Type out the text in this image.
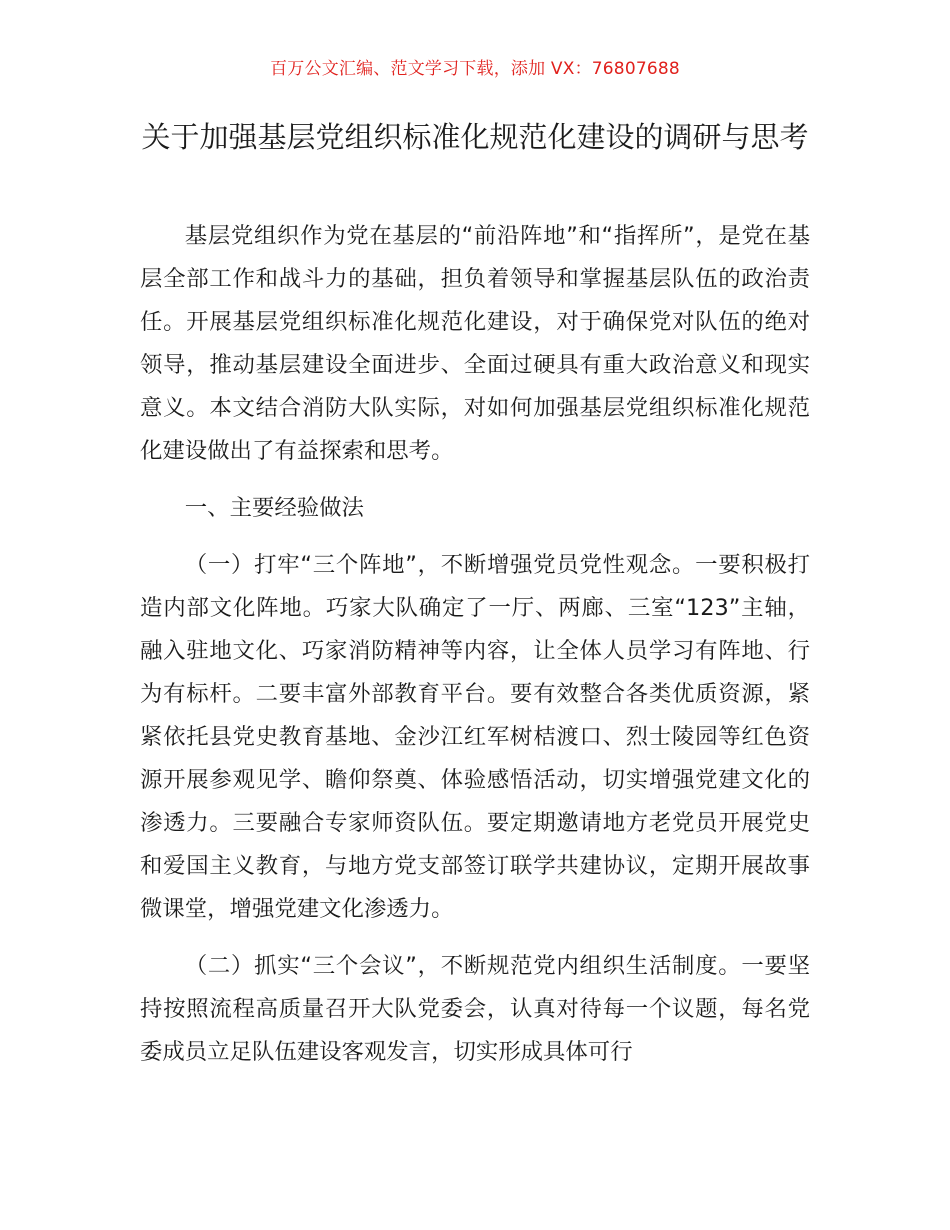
百万公文汇编、范文学习下载，添加 VX：76807688
关于加强基层党组织标准化规范化建设的调研与思考

基层党组织作为党在基层的“前沿阵地”和“指挥所”，是党在基层全部工作和战斗力的基础，担负着领导和掌握基层队伍的政治责任。开展基层党组织标准化规范化建设，对于确保党对队伍的绝对领导，推动基层建设全面进步、全面过硬具有重大政治意义和现实意义。本文结合消防大队实际，对如何加强基层党组织标准化规范化建设做出了有益探索和思考。

一、主要经验做法

（一）打牢“三个阵地”，不断增强党员党性观念。一要积极打造内部文化阵地。巧家大队确定了一厅、两廊、三室“123”主轴，融入驻地文化、巧家消防精神等内容，让全体人员学习有阵地、行为有标杆。二要丰富外部教育平台。要有效整合各类优质资源，紧紧依托县党史教育基地、金沙江红军树桔渡口、烈士陵园等红色资源开展参观见学、瞻仰祭奠、体验感悟活动，切实增强党建文化的渗透力。三要融合专家师资队伍。要定期邀请地方老党员开展党史和爱国主义教育，与地方党支部签订联学共建协议，定期开展故事微课堂，增强党建文化渗透力。

（二）抓实“三个会议”，不断规范党内组织生活制度。一要坚持按照流程高质量召开大队党委会，认真对待每一个议题，每名党委成员立足队伍建设客观发言，切实形成具体可行
